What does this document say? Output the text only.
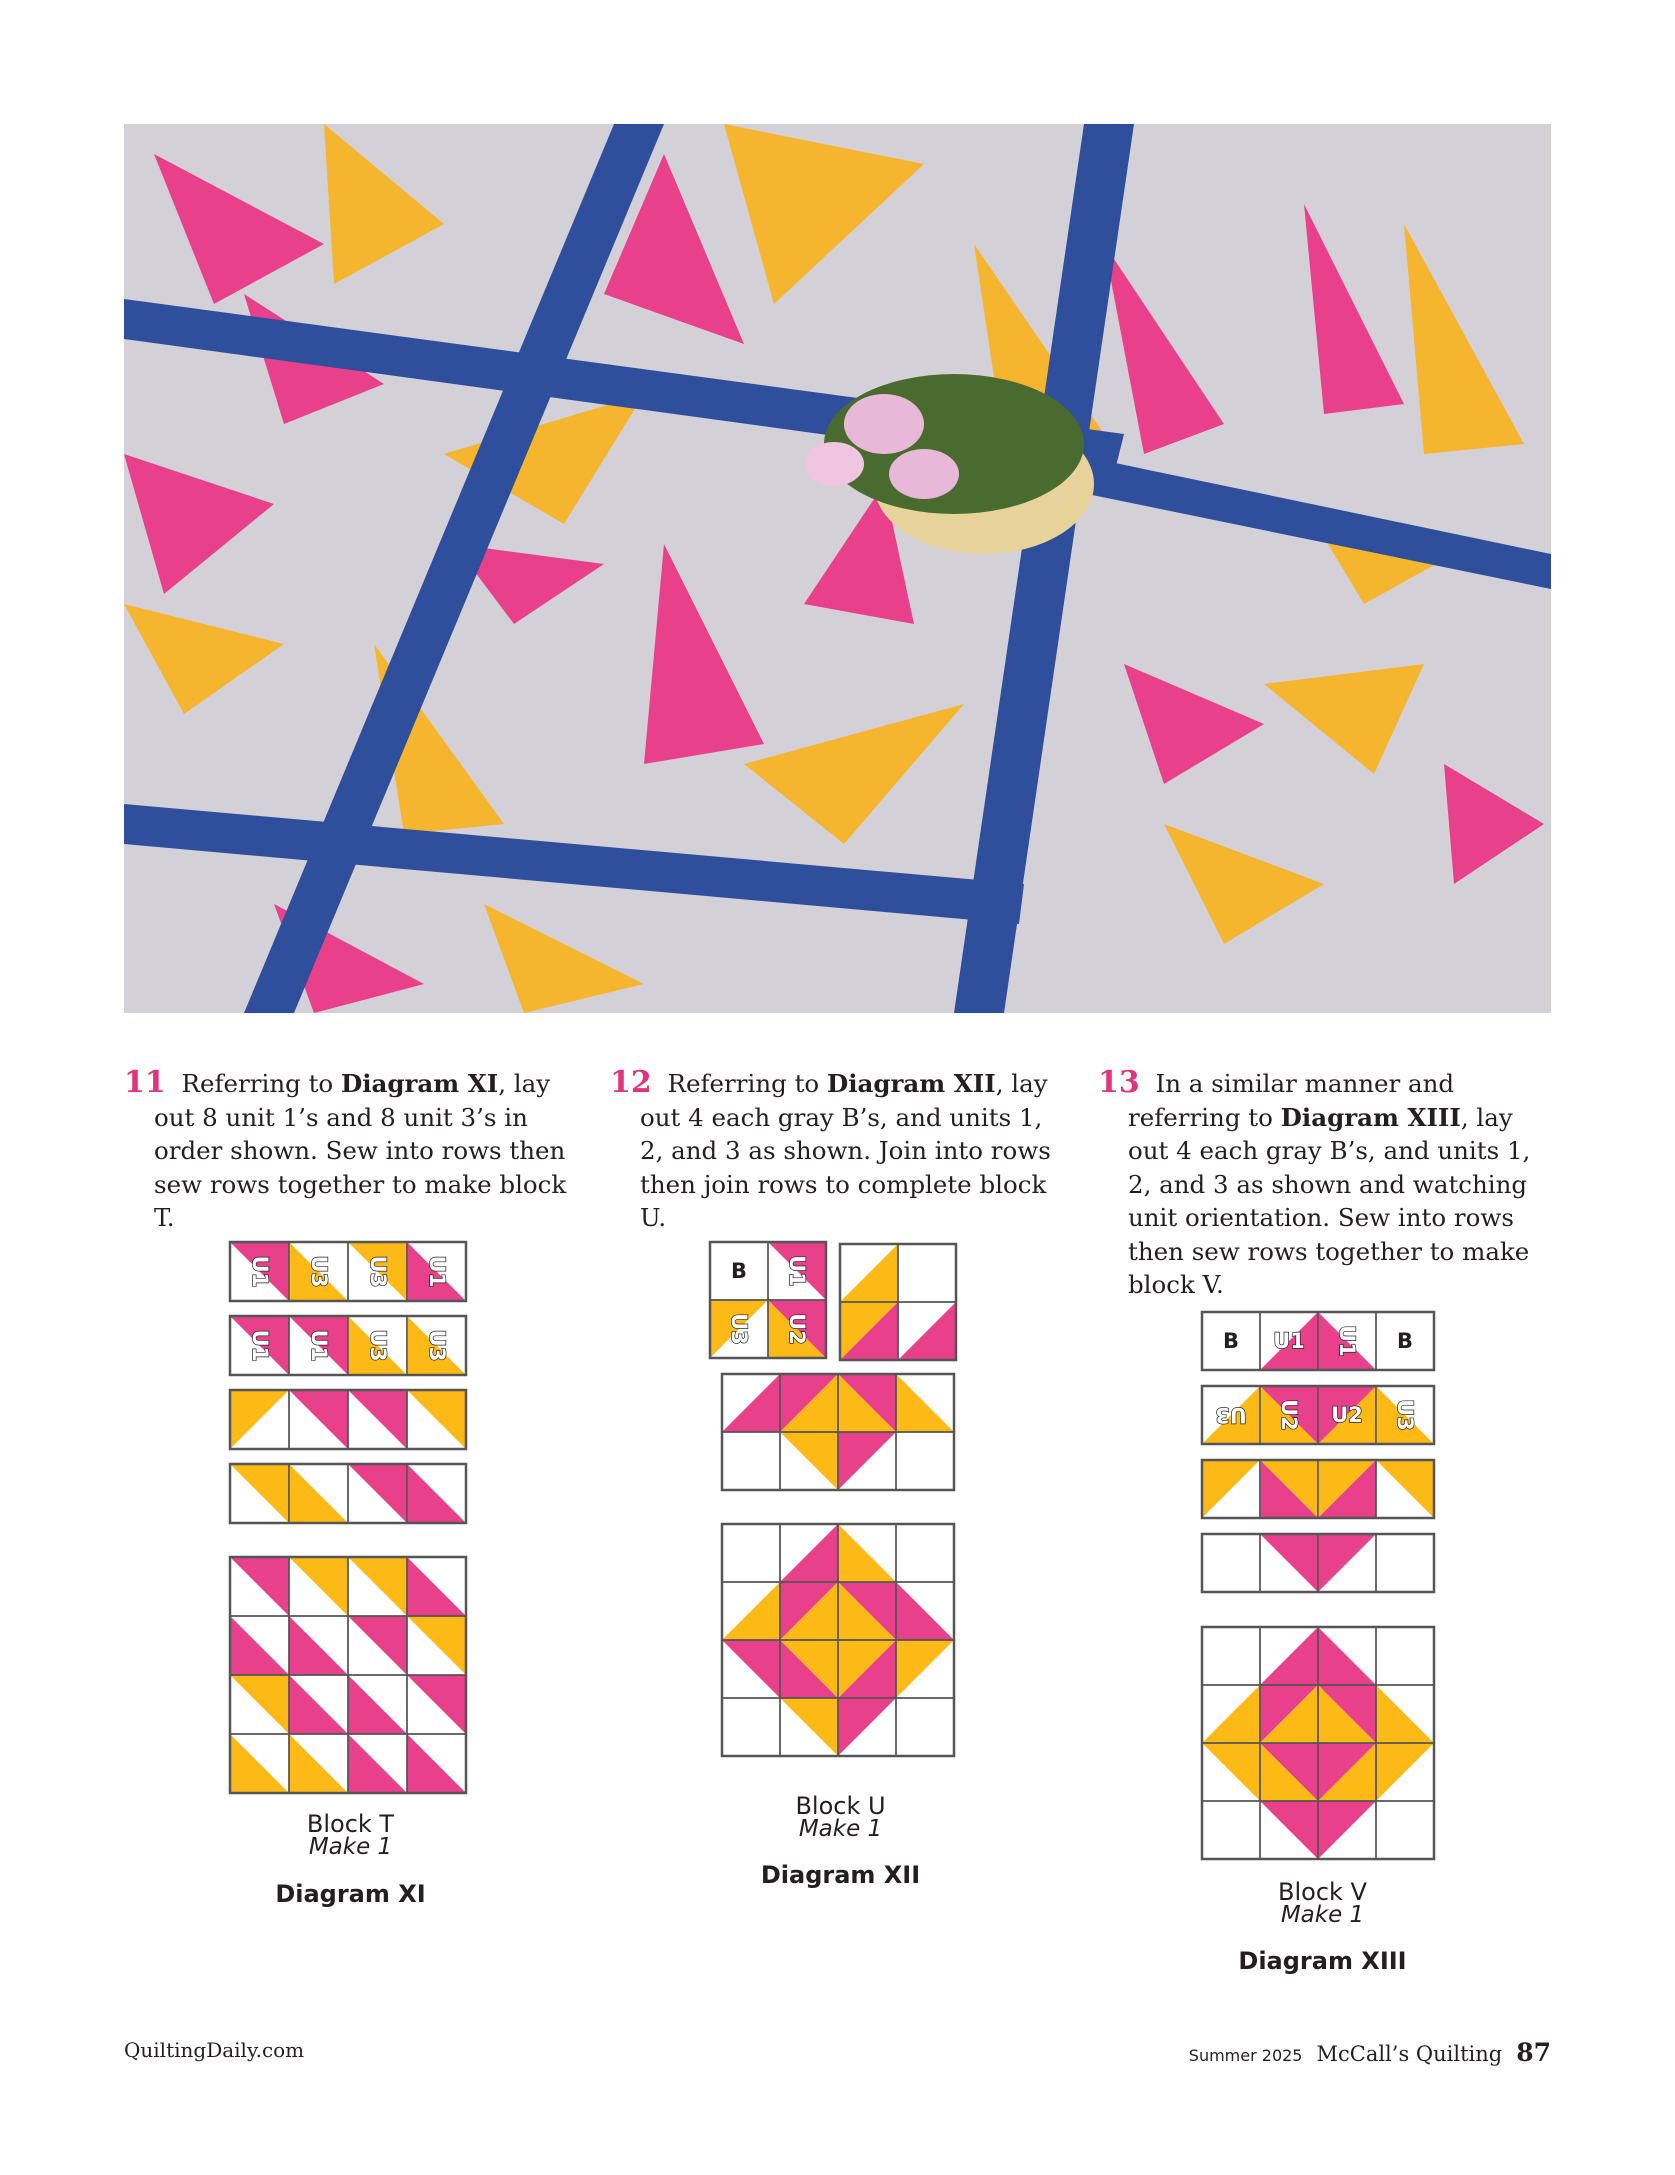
11 Referring to Diagram XI, lay out 8 unit 1’s and 8 unit 3’s in order shown. Sew into rows then sew rows together to make block T.
12 Referring to Diagram XII, lay out 4 each gray B’s, and units 1, 2, and 3 as shown. Join into rows then join rows to complete block U.
13 In a similar manner and referring to Diagram XIII, lay out 4 each gray B’s, and units 1, 2, and 3 as shown and watching unit orientation. Sew into rows then sew rows together to make block V.
U1 U3 U3 U1
U1 U1 U3 U3
Block T
Make 1
Diagram XI
B U1
U3 U2
Block U
Make 1
Diagram XII
B U1 U1 B
U3 U2 U2 U3
Block V
Make 1
Diagram XIII
QuiltingDaily.com	Summer 2025 McCall’s Quilting 87
